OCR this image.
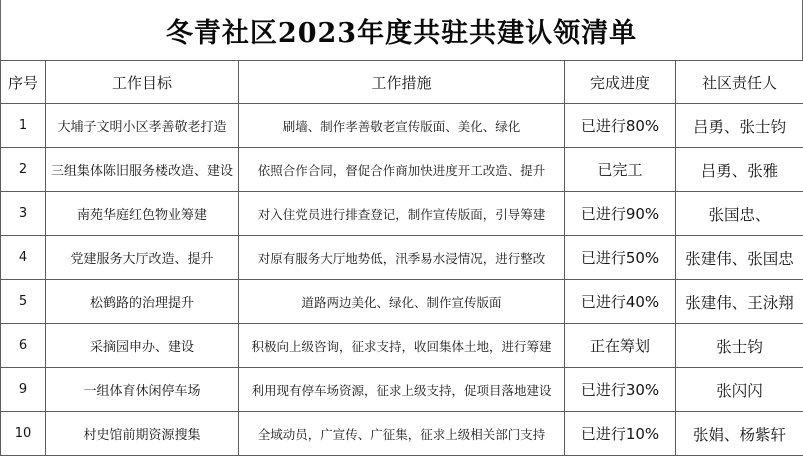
冬青社区2023年度共驻共建认领清单
序号	工作目标	工作措施	完成进度	社区责任人
1	大埔子文明小区孝善敬老打造	刷墙、制作孝善敬老宣传版面、美化、绿化	已进行80%	吕勇、张士钧
2	三组集体陈旧服务楼改造、建设	依照合作合同，督促合作商加快进度开工改造、提升	已完工	吕勇、张雅
3	南苑华庭红色物业筹建	对入住党员进行排查登记，制作宣传版面，引导筹建	已进行90%	张国忠、
4	党建服务大厅改造、提升	对原有服务大厅地势低，汛季易水浸情况，进行整改	已进行50%	张建伟、张国忠
5	松鹤路的治理提升	道路两边美化、绿化、制作宣传版面	已进行40%	张建伟、王泳翔
6	采摘园申办、建设	积极向上级咨询，征求支持，收回集体土地，进行筹建	正在筹划	张士钧
9	一组体育休闲停车场	利用现有停车场资源，征求上级支持，促项目落地建设	已进行30%	张闪闪
10	村史馆前期资源搜集	全域动员，广宣传、广征集，征求上级相关部门支持	已进行10%	张娟、杨紫轩
